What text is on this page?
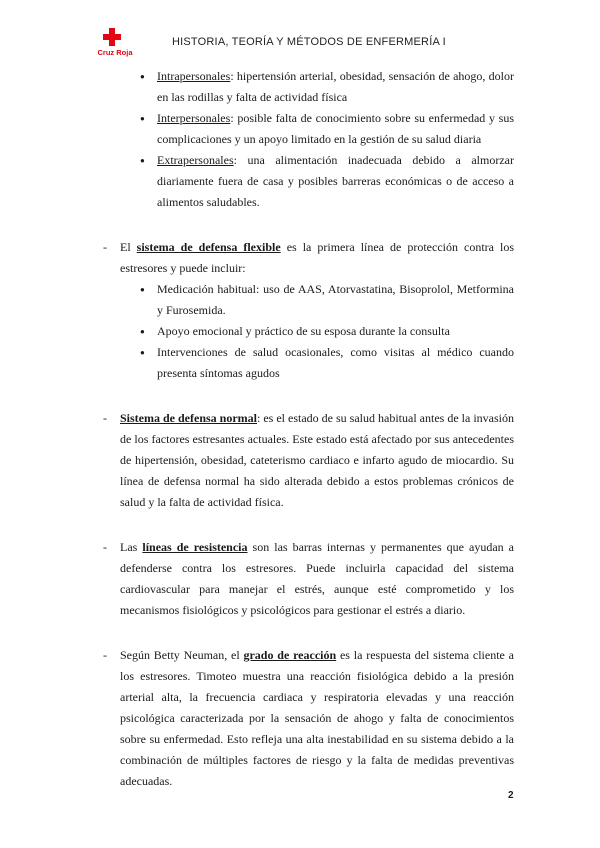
Cruz Roja
HISTORIA, TEORÍA Y MÉTODOS DE ENFERMERÍA I
● Intrapersonales: hipertensión arterial, obesidad, sensación de ahogo, dolor en las rodillas y falta de actividad física
● Interpersonales: posible falta de conocimiento sobre su enfermedad y sus complicaciones y un apoyo limitado en la gestión de su salud diaria
● Extrapersonales: una alimentación inadecuada debido a almorzar diariamente fuera de casa y posibles barreras económicas o de acceso a alimentos saludables.
- El sistema de defensa flexible es la primera línea de protección contra los estresores y puede incluir:
● Medicación habitual: uso de AAS, Atorvastatina, Bisoprolol, Metformina y Furosemida.
● Apoyo emocional y práctico de su esposa durante la consulta
● Intervenciones de salud ocasionales, como visitas al médico cuando presenta síntomas agudos
- Sistema de defensa normal: es el estado de su salud habitual antes de la invasión de los factores estresantes actuales. Este estado está afectado por sus antecedentes de hipertensión, obesidad, cateterismo cardiaco e infarto agudo de miocardio. Su línea de defensa normal ha sido alterada debido a estos problemas crónicos de salud y la falta de actividad física.
- Las líneas de resistencia son las barras internas y permanentes que ayudan a defenderse contra los estresores. Puede incluirla capacidad del sistema cardiovascular para manejar el estrés, aunque esté comprometido y los mecanismos fisiológicos y psicológicos para gestionar el estrés a diario.
- Según Betty Neuman, el grado de reacción es la respuesta del sistema cliente a los estresores. Timoteo muestra una reacción fisiológica debido a la presión arterial alta, la frecuencia cardiaca y respiratoria elevadas y una reacción psicológica caracterizada por la sensación de ahogo y falta de conocimientos sobre su enfermedad. Esto refleja una alta inestabilidad en su sistema debido a la combinación de múltiples factores de riesgo y la falta de medidas preventivas adecuadas.
2
